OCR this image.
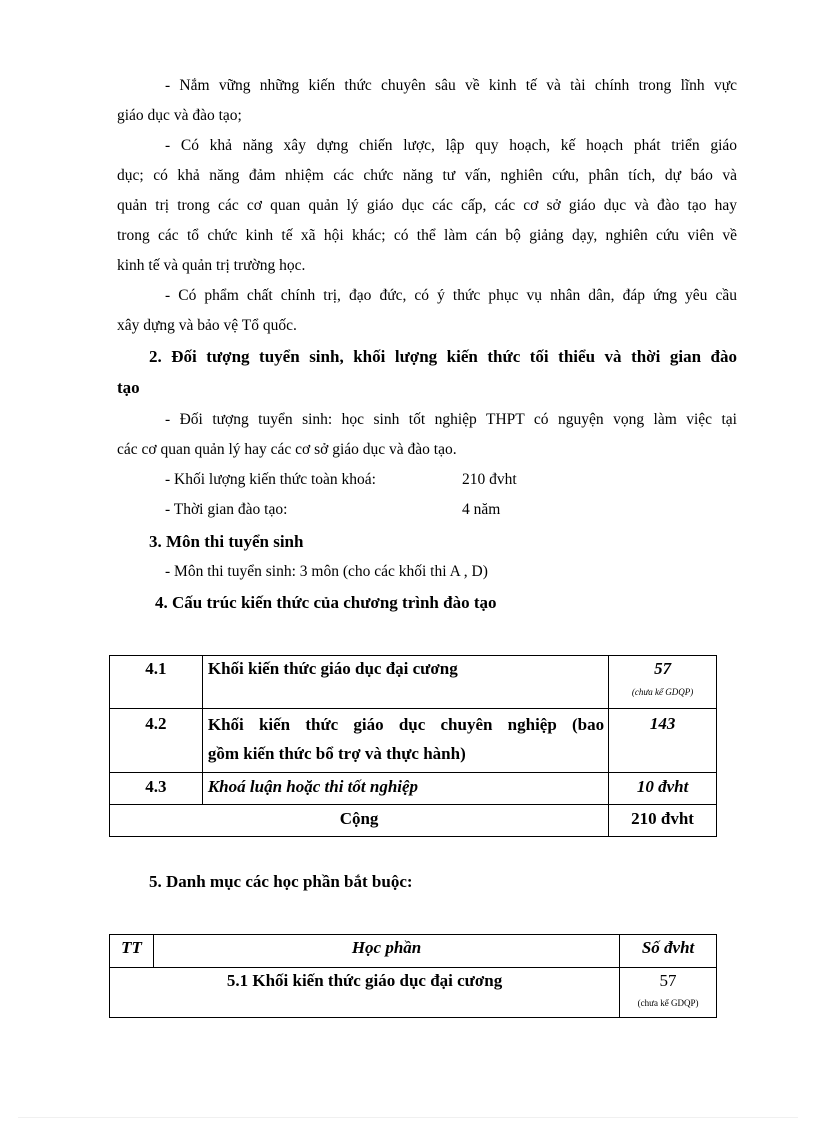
- Nắm vững những kiến thức chuyên sâu về kinh tế và tài chính trong lĩnh vực
giáo dục và đào tạo;
- Có khả năng xây dựng chiến lược, lập quy hoạch, kế hoạch phát triển giáo
dục; có khả năng đảm nhiệm các chức năng tư vấn, nghiên cứu, phân tích, dự báo và
quản trị trong các cơ quan quản lý giáo dục các cấp, các cơ sở giáo dục và đào tạo hay
trong các tổ chức kinh tế xã hội khác; có thể làm cán bộ giảng dạy, nghiên cứu viên về
kinh tế và quản trị trường học.
- Có phẩm chất chính trị, đạo đức, có ý thức phục vụ nhân dân, đáp ứng yêu cầu
xây dựng và bảo vệ Tổ quốc.
2. Đối tượng tuyển sinh, khối lượng kiến thức tối thiểu và thời gian đào
tạo
- Đối tượng tuyển sinh: học sinh tốt nghiệp THPT có nguyện vọng làm việc tại
các cơ quan quản lý hay các cơ sở giáo dục và đào tạo.
- Khối lượng kiến thức toàn khoá:	210 đvht
- Thời gian đào tạo:	4 năm
3. Môn thi tuyển sinh
- Môn thi tuyển sinh: 3 môn (cho các khối thi A , D)
4. Cấu trúc kiến thức của chương trình đào tạo
4.1	Khối kiến thức giáo dục đại cương	57
(chưa kể GDQP)

4.2	Khối kiến thức giáo dục chuyên nghiệp (bao
gồm kiến thức bổ trợ và thực hành)	143
4.3	Khoá luận hoặc thi tốt nghiệp	10 đvht
Cộng		210 đvht
5. Danh mục các học phần bắt buộc:
TT	Học phần	Số đvht
5.1 Khối kiến thức giáo dục đại cương		57
(chưa kể GDQP)
